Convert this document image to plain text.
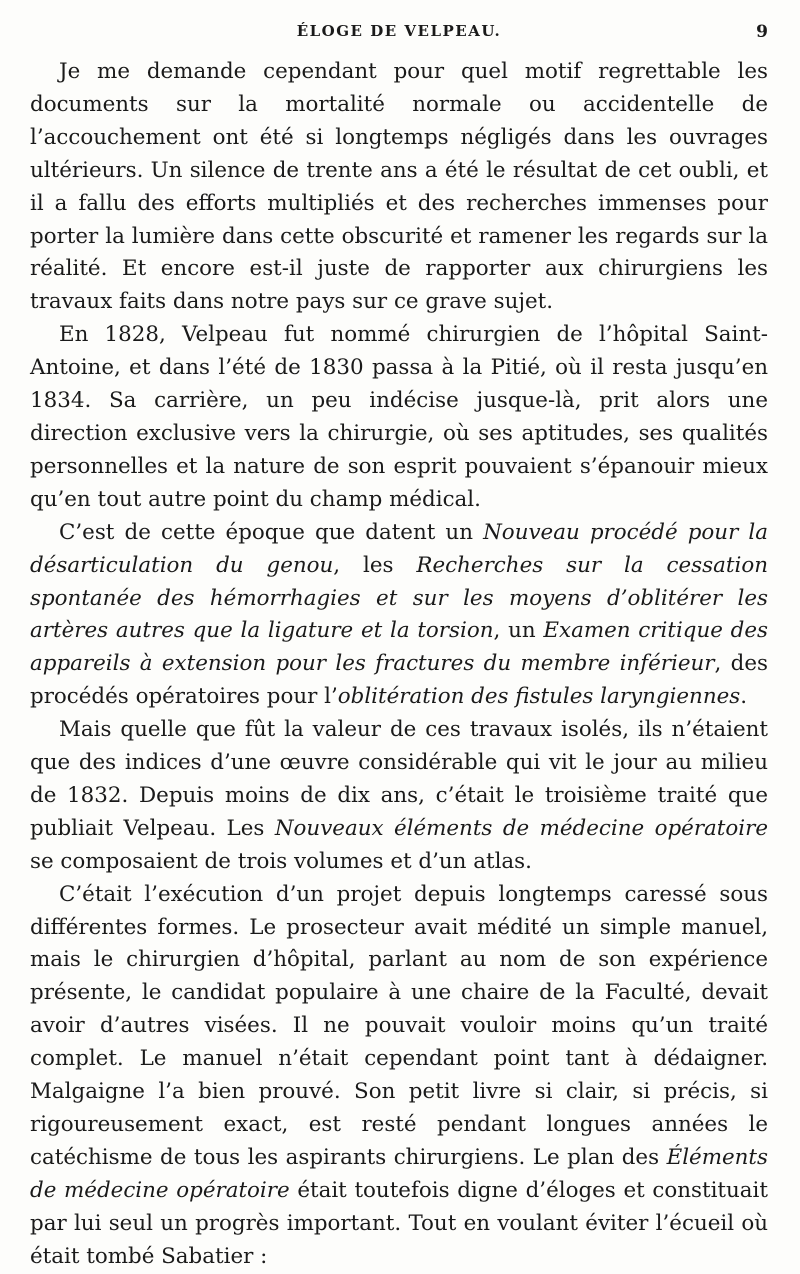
ÉLOGE DE VELPEAU.	9

Je me demande cependant pour quel motif regrettable les documents sur la mortalité normale ou accidentelle de l’accouchement ont été si longtemps négligés dans les ouvrages ultérieurs. Un silence de trente ans a été le résultat de cet oubli, et il a fallu des efforts multipliés et des recherches immenses pour porter la lumière dans cette obscurité et ramener les regards sur la réalité. Et encore est-il juste de rapporter aux chirurgiens les travaux faits dans notre pays sur ce grave sujet.

En 1828, Velpeau fut nommé chirurgien de l’hôpital Saint-Antoine, et dans l’été de 1830 passa à la Pitié, où il resta jusqu’en 1834. Sa carrière, un peu indécise jusque-là, prit alors une direction exclusive vers la chirurgie, où ses aptitudes, ses qualités personnelles et la nature de son esprit pouvaient s’épanouir mieux qu’en tout autre point du champ médical.

C’est de cette époque que datent un Nouveau procédé pour la désarticulation du genou, les Recherches sur la cessation spontanée des hémorrhagies et sur les moyens d’oblitérer les artères autres que la ligature et la torsion, un Examen critique des appareils à extension pour les fractures du membre inférieur, des procédés opératoires pour l’oblitération des fistules laryngiennes.

Mais quelle que fût la valeur de ces travaux isolés, ils n’étaient que des indices d’une œuvre considérable qui vit le jour au milieu de 1832. Depuis moins de dix ans, c’était le troisième traité que publiait Velpeau. Les Nouveaux éléments de médecine opératoire se composaient de trois volumes et d’un atlas.

C’était l’exécution d’un projet depuis longtemps caressé sous différentes formes. Le prosecteur avait médité un simple manuel, mais le chirurgien d’hôpital, parlant au nom de son expérience présente, le candidat populaire à une chaire de la Faculté, devait avoir d’autres visées. Il ne pouvait vouloir moins qu’un traité complet. Le manuel n’était cependant point tant à dédaigner. Malgaigne l’a bien prouvé. Son petit livre si clair, si précis, si rigoureusement exact, est resté pendant longues années le catéchisme de tous les aspirants chirurgiens. Le plan des Éléments de médecine opératoire était toutefois digne d’éloges et constituait par lui seul un progrès important. Tout en voulant éviter l’écueil où était tombé Sabatier :
